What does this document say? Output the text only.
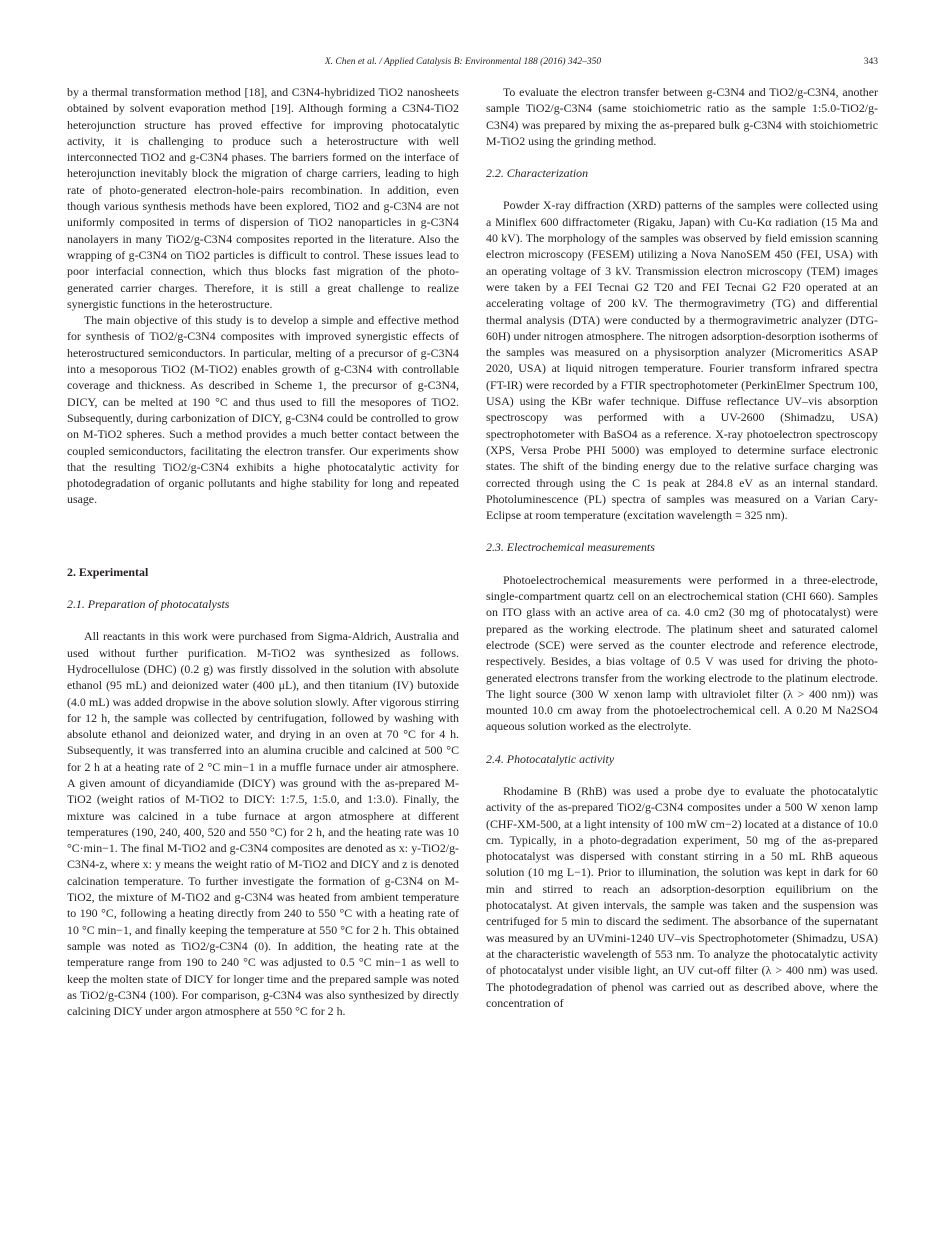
X. Chen et al. / Applied Catalysis B: Environmental 188 (2016) 342–350	343

by a thermal transformation method [18], and C3N4-hybridized TiO2 nanosheets obtained by solvent evaporation method [19]. Although forming a C3N4-TiO2 heterojunction structure has proved effective for improving photocatalytic activity, it is challenging to produce such a heterostructure with well interconnected TiO2 and g-C3N4 phases. The barriers formed on the interface of heterojunction inevitably block the migration of charge carriers, leading to high rate of photo-generated electron-hole-pairs recombination. In addition, even though various synthesis methods have been explored, TiO2 and g-C3N4 are not uniformly composited in terms of dispersion of TiO2 nanoparticles in g-C3N4 nanolayers in many TiO2/g-C3N4 composites reported in the literature. Also the wrapping of g-C3N4 on TiO2 particles is difficult to control. These issues lead to poor interfacial connection, which thus blocks fast migration of the photo-generated carrier charges. Therefore, it is still a great challenge to realize synergistic functions in the heterostructure.

The main objective of this study is to develop a simple and effective method for synthesis of TiO2/g-C3N4 composites with improved synergistic effects of heterostructured semiconductors. In particular, melting of a precursor of g-C3N4 into a mesoporous TiO2 (M-TiO2) enables growth of g-C3N4 with controllable coverage and thickness. As described in Scheme 1, the precursor of g-C3N4, DICY, can be melted at 190 °C and thus used to fill the mesopores of TiO2. Subsequently, during carbonization of DICY, g-C3N4 could be controlled to grow on M-TiO2 spheres. Such a method provides a much better contact between the coupled semiconductors, facilitating the electron transfer. Our experiments show that the resulting TiO2/g-C3N4 exhibits a highe photocatalytic activity for photodegradation of organic pollutants and highe stability for long and repeated usage.

2. Experimental
2.1. Preparation of photocatalysts

All reactants in this work were purchased from Sigma-Aldrich, Australia and used without further purification. M-TiO2 was synthesized as follows. Hydrocellulose (DHC) (0.2 g) was firstly dissolved in the solution with absolute ethanol (95 mL) and deionized water (400 μL), and then titanium (IV) butoxide (4.0 mL) was added dropwise in the above solution slowly. After vigorous stirring for 12 h, the sample was collected by centrifugation, followed by washing with absolute ethanol and deionized water, and drying in an oven at 70 °C for 4 h. Subsequently, it was transferred into an alumina crucible and calcined at 500 °C for 2 h at a heating rate of 2 °C min−1 in a muffle furnace under air atmosphere. A given amount of dicyandiamide (DICY) was ground with the as-prepared M-TiO2 (weight ratios of M-TiO2 to DICY: 1:7.5, 1:5.0, and 1:3.0). Finally, the mixture was calcined in a tube furnace at argon atmosphere at different temperatures (190, 240, 400, 520 and 550 °C) for 2 h, and the heating rate was 10 °C·min−1. The final M-TiO2 and g-C3N4 composites are denoted as x: y-TiO2/g-C3N4-z, where x: y means the weight ratio of M-TiO2 and DICY and z is denoted calcination temperature. To further investigate the formation of g-C3N4 on M-TiO2, the mixture of M-TiO2 and g-C3N4 was heated from ambient temperature to 190 °C, following a heating directly from 240 to 550 °C with a heating rate of 10 °C min−1, and finally keeping the temperature at 550 °C for 2 h. This obtained sample was noted as TiO2/g-C3N4 (0). In addition, the heating rate at the temperature range from 190 to 240 °C was adjusted to 0.5 °C min−1 as well to keep the molten state of DICY for longer time and the prepared sample was noted as TiO2/g-C3N4 (100). For comparison, g-C3N4 was also synthesized by directly calcining DICY under argon atmosphere at 550 °C for 2 h.

To evaluate the electron transfer between g-C3N4 and TiO2/g-C3N4, another sample TiO2/g-C3N4 (same stoichiometric ratio as the sample 1:5.0-TiO2/g-C3N4) was prepared by mixing the as-prepared bulk g-C3N4 with stoichiometric M-TiO2 using the grinding method.

2.2. Characterization

Powder X-ray diffraction (XRD) patterns of the samples were collected using a Miniflex 600 diffractometer (Rigaku, Japan) with Cu-Kα radiation (15 Ma and 40 kV). The morphology of the samples was observed by field emission scanning electron microscopy (FESEM) utilizing a Nova NanoSEM 450 (FEI, USA) with an operating voltage of 3 kV. Transmission electron microscopy (TEM) images were taken by a FEI Tecnai G2 T20 and FEI Tecnai G2 F20 operated at an accelerating voltage of 200 kV. The thermogravimetry (TG) and differential thermal analysis (DTA) were conducted by a thermogravimetric analyzer (DTG-60H) under nitrogen atmosphere. The nitrogen adsorption-desorption isotherms of the samples was measured on a physisorption analyzer (Micromeritics ASAP 2020, USA) at liquid nitrogen temperature. Fourier transform infrared spectra (FT-IR) were recorded by a FTIR spectrophotometer (PerkinElmer Spectrum 100, USA) using the KBr wafer technique. Diffuse reflectance UV–vis absorption spectroscopy was performed with a UV-2600 (Shimadzu, USA) spectrophotometer with BaSO4 as a reference. X-ray photoelectron spectroscopy (XPS, Versa Probe PHI 5000) was employed to determine surface electronic states. The shift of the binding energy due to the relative surface charging was corrected through using the C 1s peak at 284.8 eV as an internal standard. Photoluminescence (PL) spectra of samples was measured on a Varian Cary-Eclipse at room temperature (excitation wavelength = 325 nm).

2.3. Electrochemical measurements

Photoelectrochemical measurements were performed in a three-electrode, single-compartment quartz cell on an electrochemical station (CHI 660). Samples on ITO glass with an active area of ca. 4.0 cm2 (30 mg of photocatalyst) were prepared as the working electrode. The platinum sheet and saturated calomel electrode (SCE) were served as the counter electrode and reference electrode, respectively. Besides, a bias voltage of 0.5 V was used for driving the photo-generated electrons transfer from the working electrode to the platinum electrode. The light source (300 W xenon lamp with ultraviolet filter (λ > 400 nm)) was mounted 10.0 cm away from the photoelectrochemical cell. A 0.20 M Na2SO4 aqueous solution worked as the electrolyte.

2.4. Photocatalytic activity

Rhodamine B (RhB) was used a probe dye to evaluate the photocatalytic activity of the as-prepared TiO2/g-C3N4 composites under a 500 W xenon lamp (CHF-XM-500, at a light intensity of 100 mW cm−2) located at a distance of 10.0 cm. Typically, in a photo-degradation experiment, 50 mg of the as-prepared photocatalyst was dispersed with constant stirring in a 50 mL RhB aqueous solution (10 mg L−1). Prior to illumination, the solution was kept in dark for 60 min and stirred to reach an adsorption-desorption equilibrium on the photocatalyst. At given intervals, the sample was taken and the suspension was centrifuged for 5 min to discard the sediment. The absorbance of the supernatant was measured by an UVmini-1240 UV–vis Spectrophotometer (Shimadzu, USA) at the characteristic wavelength of 553 nm. To analyze the photocatalytic activity of photocatalyst under visible light, an UV cut-off filter (λ > 400 nm) was used. The photodegradation of phenol was carried out as described above, where the concentration of
